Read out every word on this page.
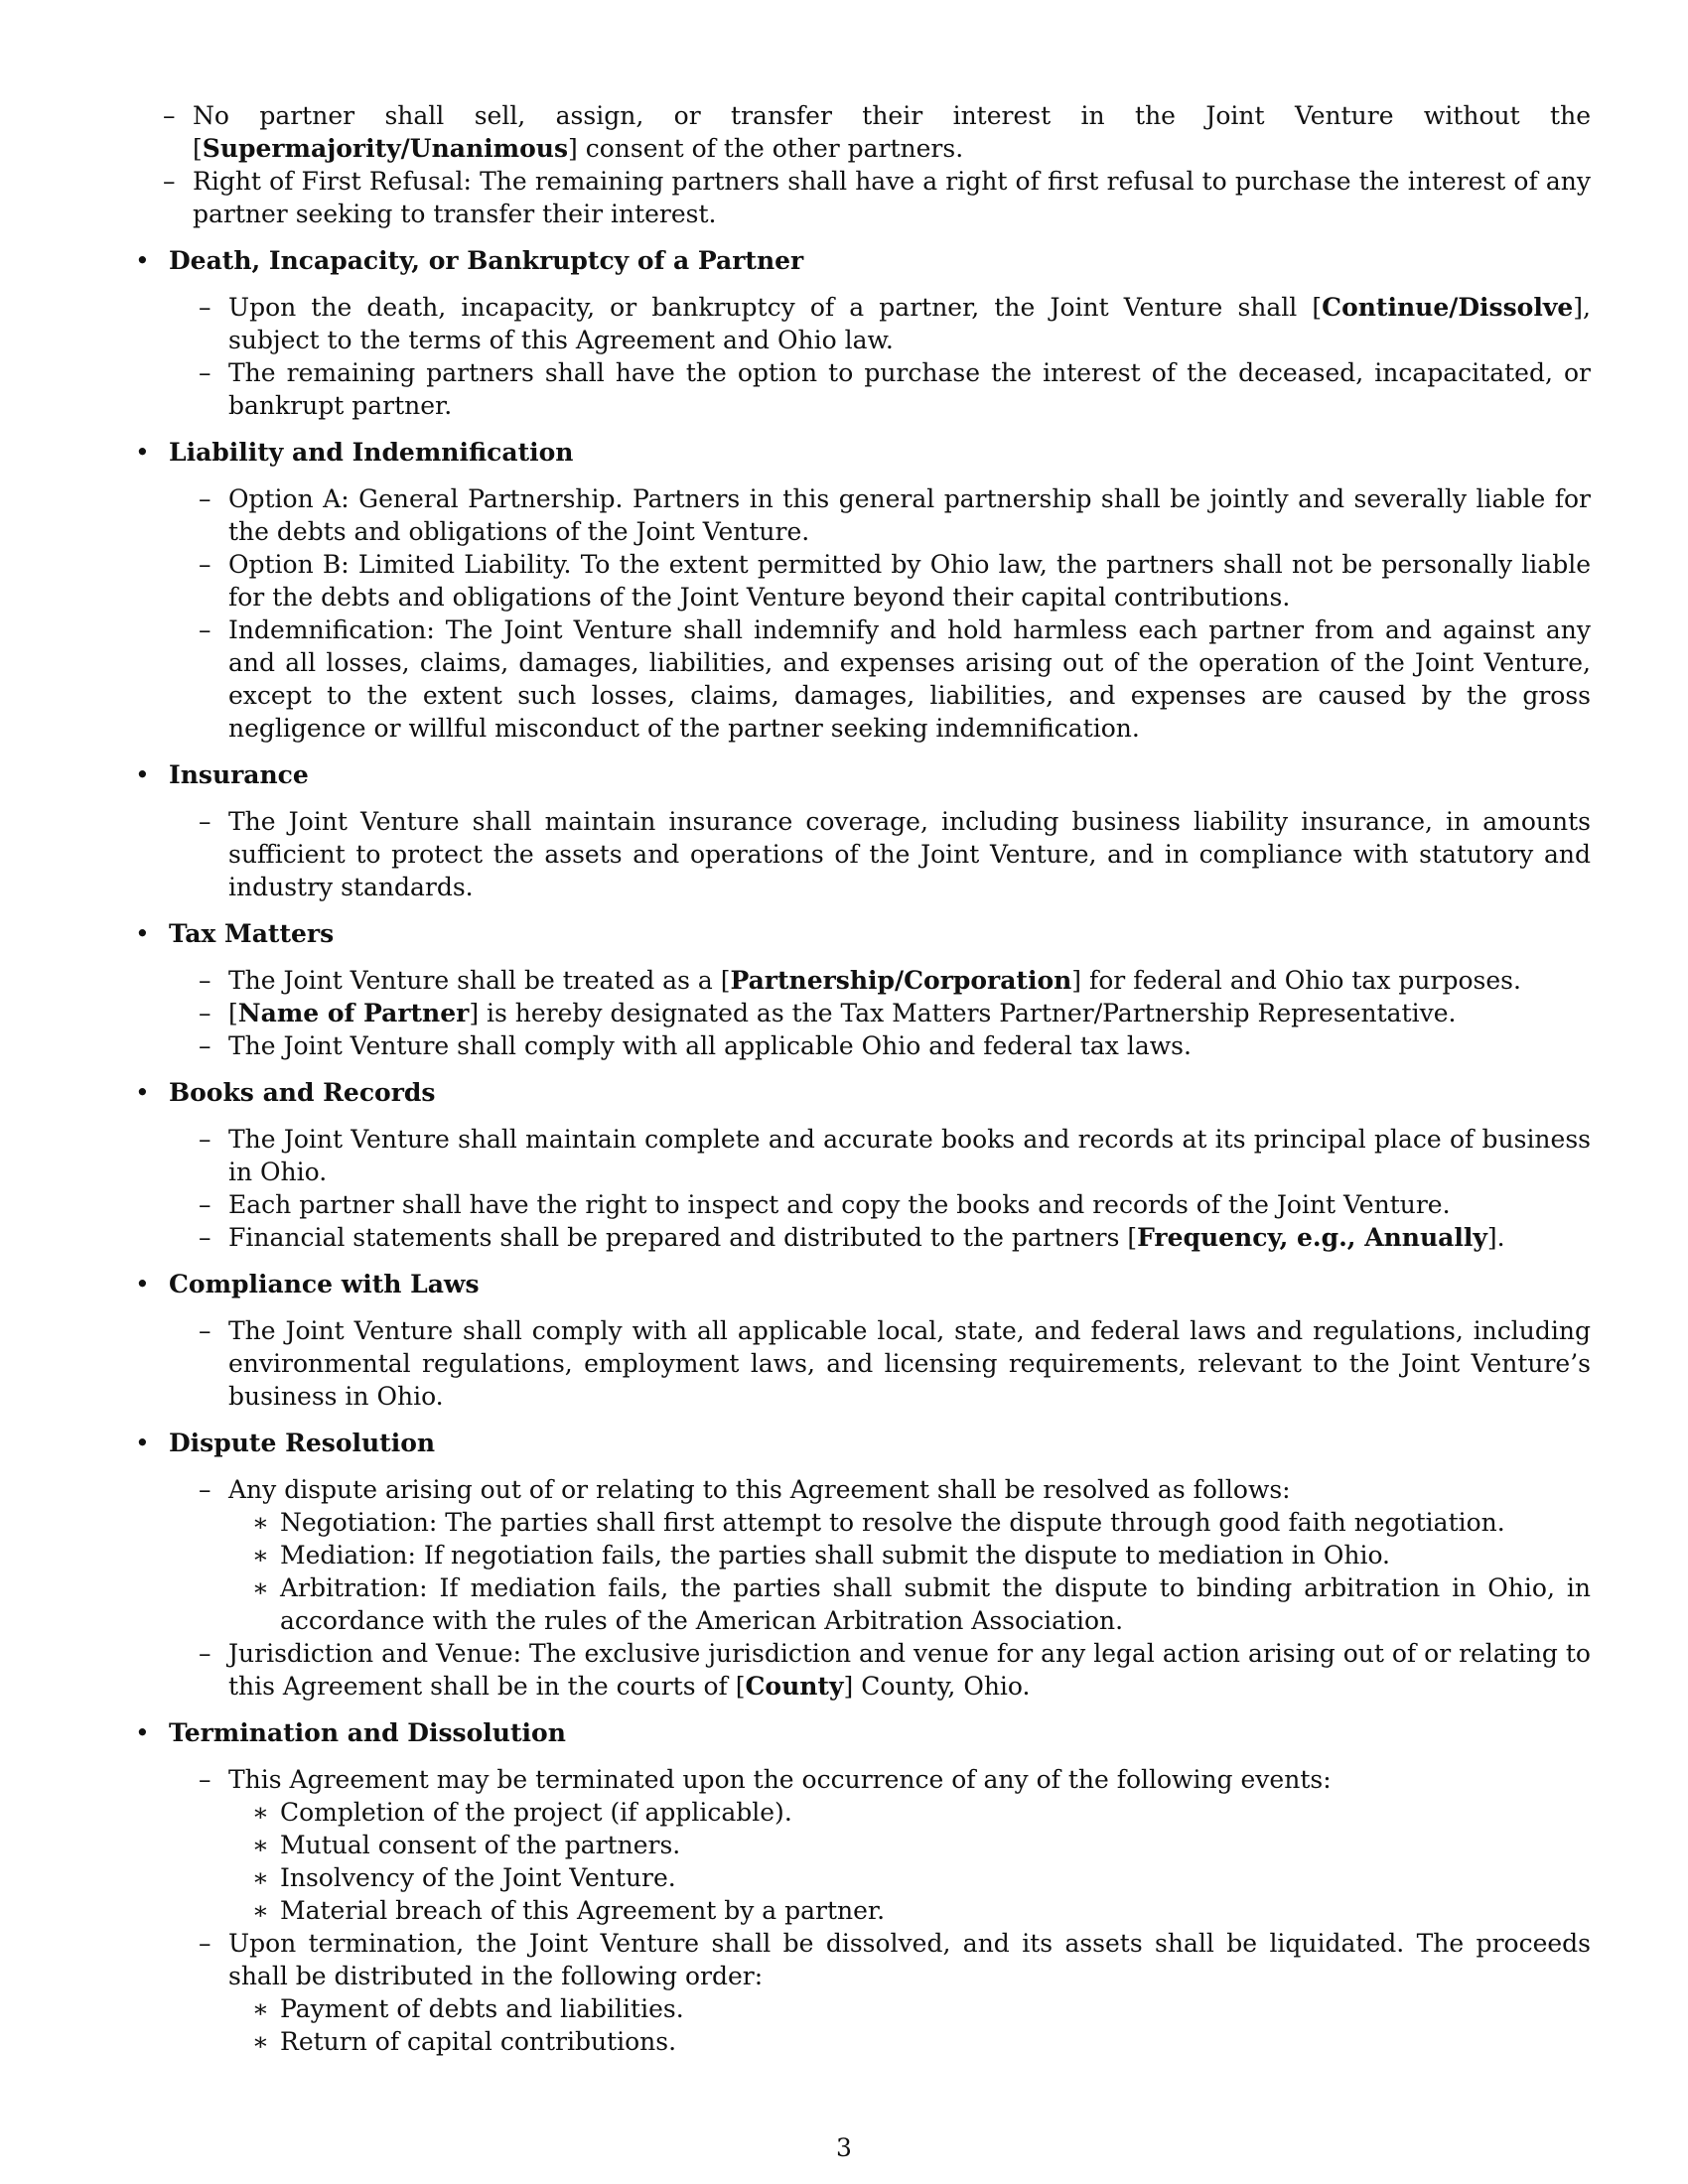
– No partner shall sell, assign, or transfer their interest in the Joint Venture without the [Supermajority/Unanimous] consent of the other partners.
– Right of First Refusal: The remaining partners shall have a right of first refusal to purchase the interest of any partner seeking to transfer their interest.
• Death, Incapacity, or Bankruptcy of a Partner
– Upon the death, incapacity, or bankruptcy of a partner, the Joint Venture shall [Continue/Dissolve], subject to the terms of this Agreement and Ohio law.
– The remaining partners shall have the option to purchase the interest of the deceased, incapacitated, or bankrupt partner.
• Liability and Indemnification
– Option A: General Partnership. Partners in this general partnership shall be jointly and severally liable for the debts and obligations of the Joint Venture.
– Option B: Limited Liability. To the extent permitted by Ohio law, the partners shall not be personally liable for the debts and obligations of the Joint Venture beyond their capital contributions.
– Indemnification: The Joint Venture shall indemnify and hold harmless each partner from and against any and all losses, claims, damages, liabilities, and expenses arising out of the operation of the Joint Venture, except to the extent such losses, claims, damages, liabilities, and expenses are caused by the gross negligence or willful misconduct of the partner seeking indemnification.
• Insurance
– The Joint Venture shall maintain insurance coverage, including business liability insurance, in amounts sufficient to protect the assets and operations of the Joint Venture, and in compliance with statutory and industry standards.
• Tax Matters
– The Joint Venture shall be treated as a [Partnership/Corporation] for federal and Ohio tax purposes.
– [Name of Partner] is hereby designated as the Tax Matters Partner/Partnership Representative.
– The Joint Venture shall comply with all applicable Ohio and federal tax laws.
• Books and Records
– The Joint Venture shall maintain complete and accurate books and records at its principal place of business in Ohio.
– Each partner shall have the right to inspect and copy the books and records of the Joint Venture.
– Financial statements shall be prepared and distributed to the partners [Frequency, e.g., Annually].
• Compliance with Laws
– The Joint Venture shall comply with all applicable local, state, and federal laws and regulations, including environmental regulations, employment laws, and licensing requirements, relevant to the Joint Venture’s business in Ohio.
• Dispute Resolution
– Any dispute arising out of or relating to this Agreement shall be resolved as follows:
∗ Negotiation: The parties shall first attempt to resolve the dispute through good faith negotiation.
∗ Mediation: If negotiation fails, the parties shall submit the dispute to mediation in Ohio.
∗ Arbitration: If mediation fails, the parties shall submit the dispute to binding arbitration in Ohio, in accordance with the rules of the American Arbitration Association.
– Jurisdiction and Venue: The exclusive jurisdiction and venue for any legal action arising out of or relating to this Agreement shall be in the courts of [County] County, Ohio.
• Termination and Dissolution
– This Agreement may be terminated upon the occurrence of any of the following events:
∗ Completion of the project (if applicable).
∗ Mutual consent of the partners.
∗ Insolvency of the Joint Venture.
∗ Material breach of this Agreement by a partner.
– Upon termination, the Joint Venture shall be dissolved, and its assets shall be liquidated. The proceeds shall be distributed in the following order:
∗ Payment of debts and liabilities.
∗ Return of capital contributions.
3
